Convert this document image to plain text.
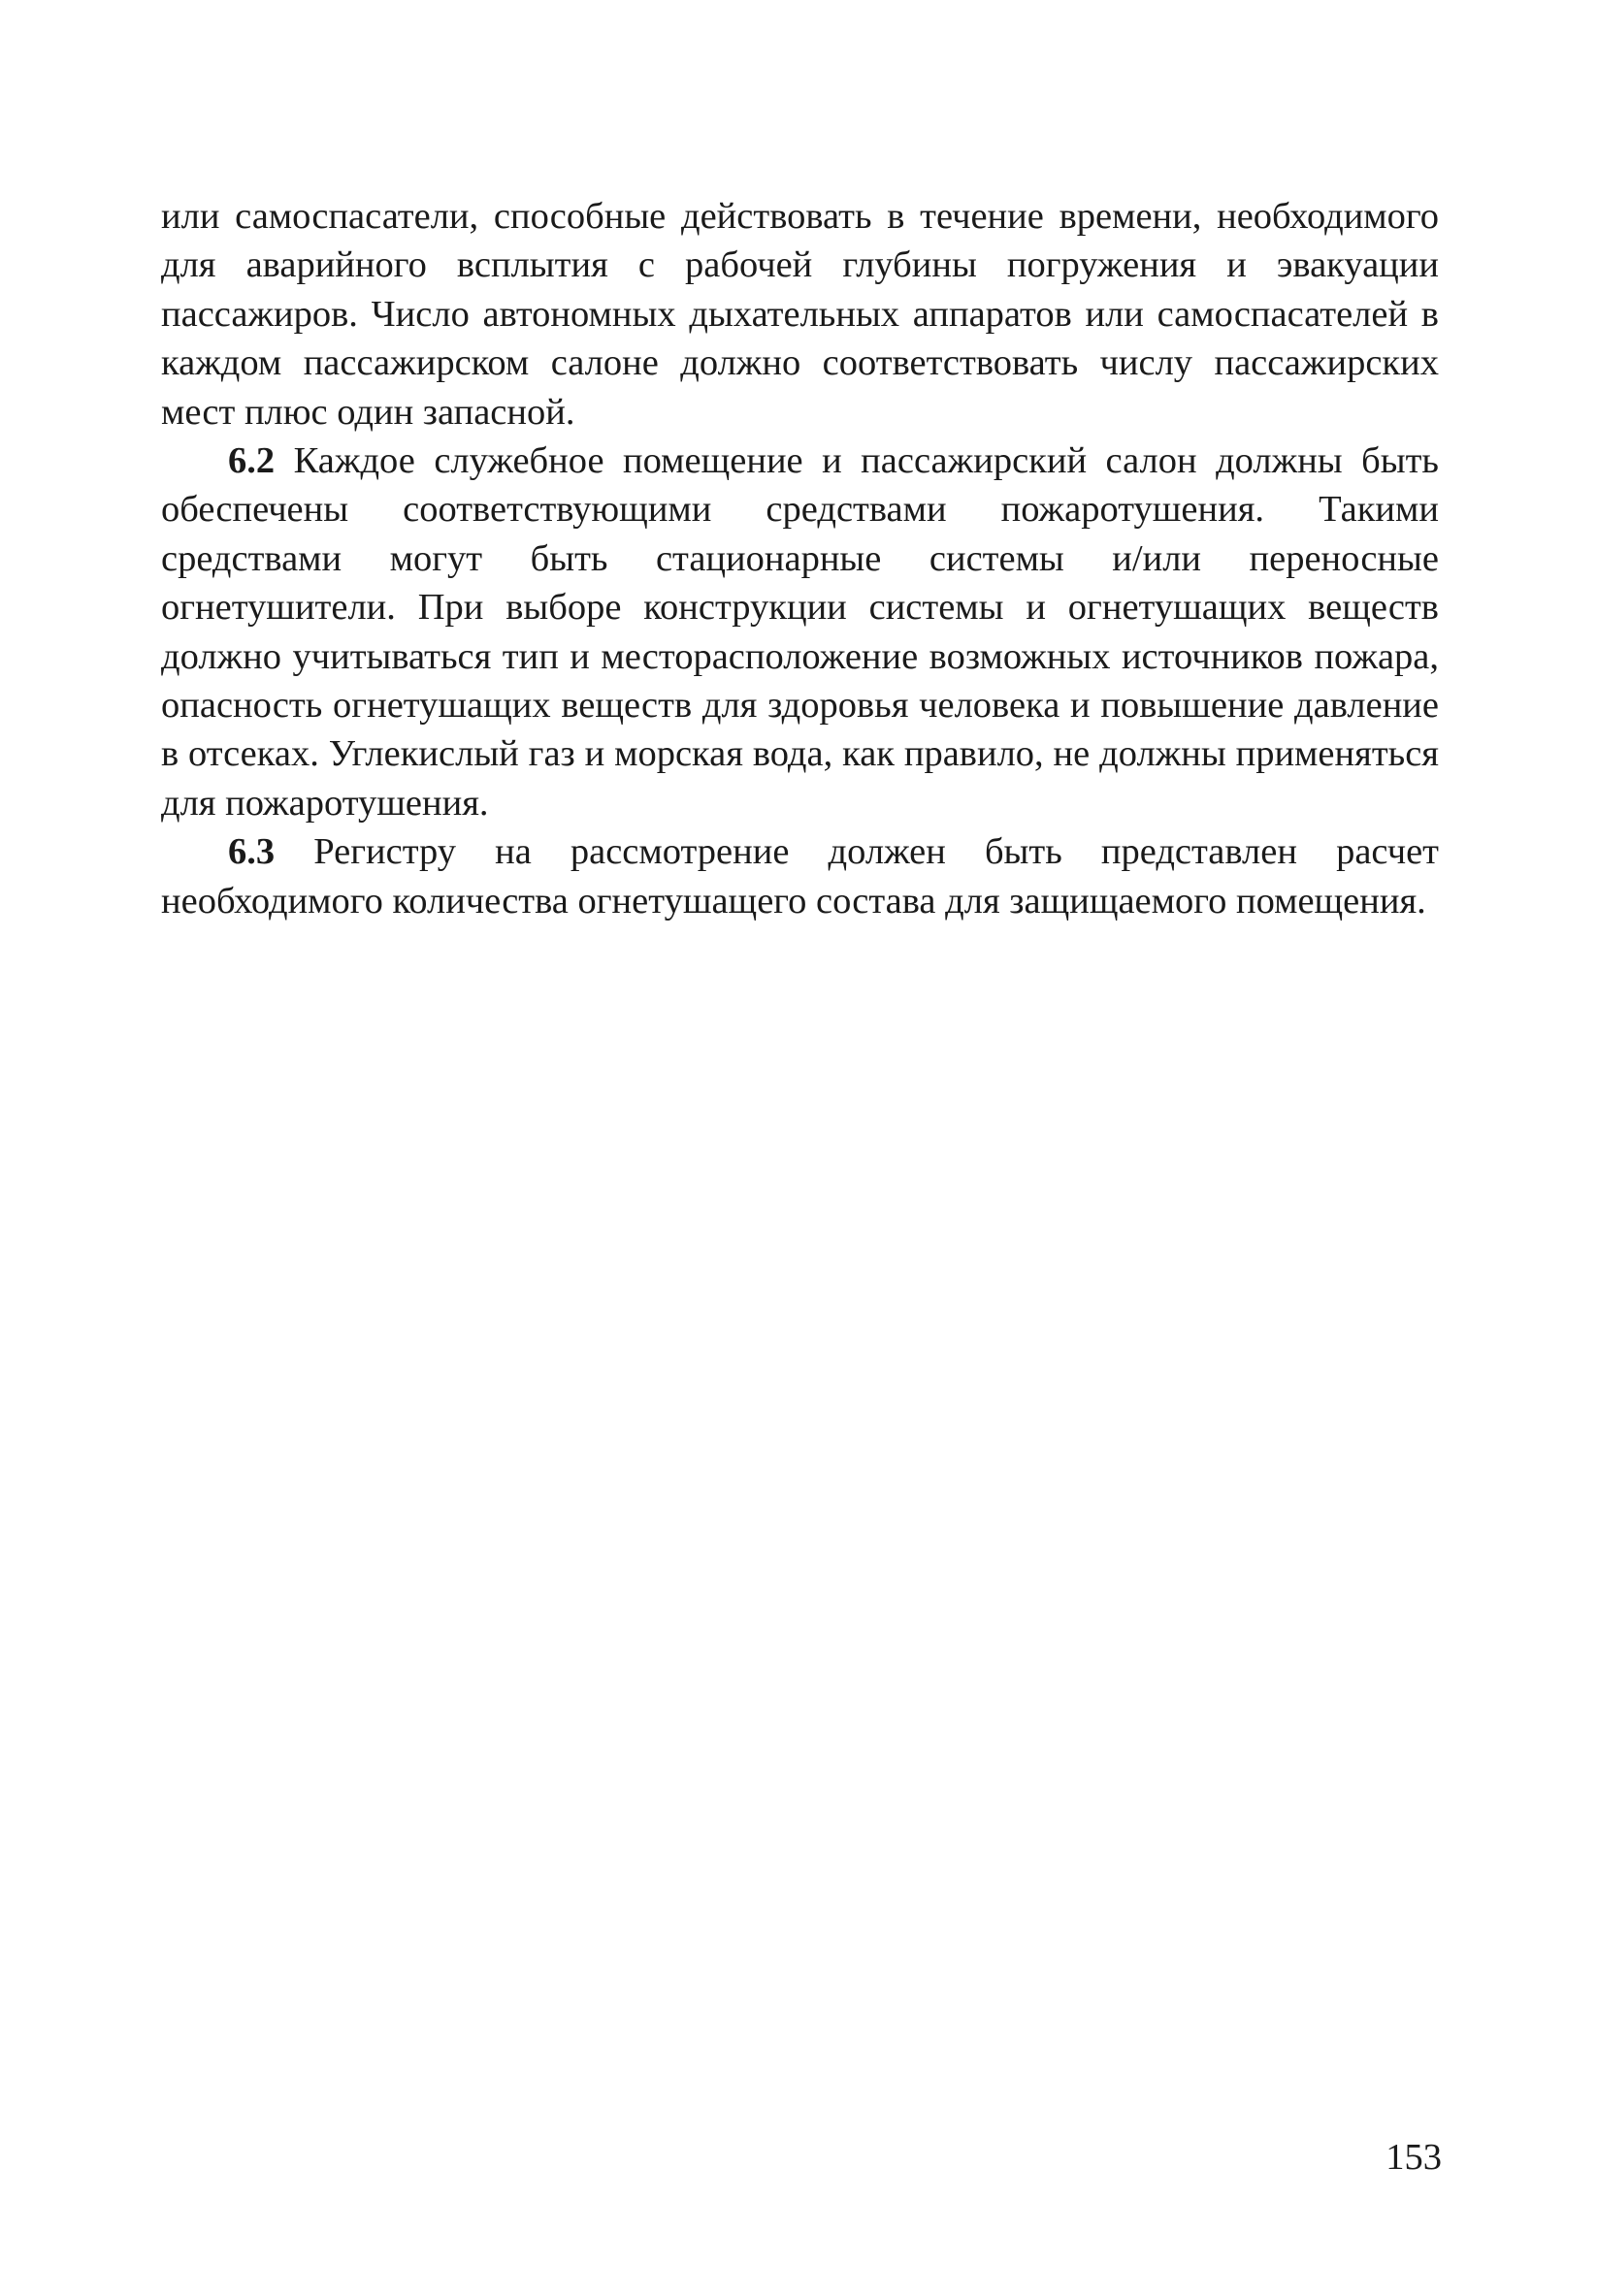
или самоспасатели, способные действовать в течение времени, необходимого для аварийного всплытия с рабочей глубины погружения и эвакуации пассажиров. Число автономных дыхательных аппаратов или самоспасателей в каждом пассажирском салоне должно соответствовать числу пассажирских мест плюс один запасной.

6.2 Каждое служебное помещение и пассажирский салон должны быть обеспечены соответствующими средствами пожаротушения. Такими средствами могут быть стационарные системы и/или переносные огнетушители. При выборе конструкции системы и огнетушащих веществ должно учитываться тип и месторасположение возможных источников пожара, опасность огнетушащих веществ для здоровья человека и повышение давление в отсеках. Углекислый газ и морская вода, как правило, не должны применяться для пожаротушения.

6.3 Регистру на рассмотрение должен быть представлен расчет необходимого количества огнетушащего состава для защищаемого помещения.

153
